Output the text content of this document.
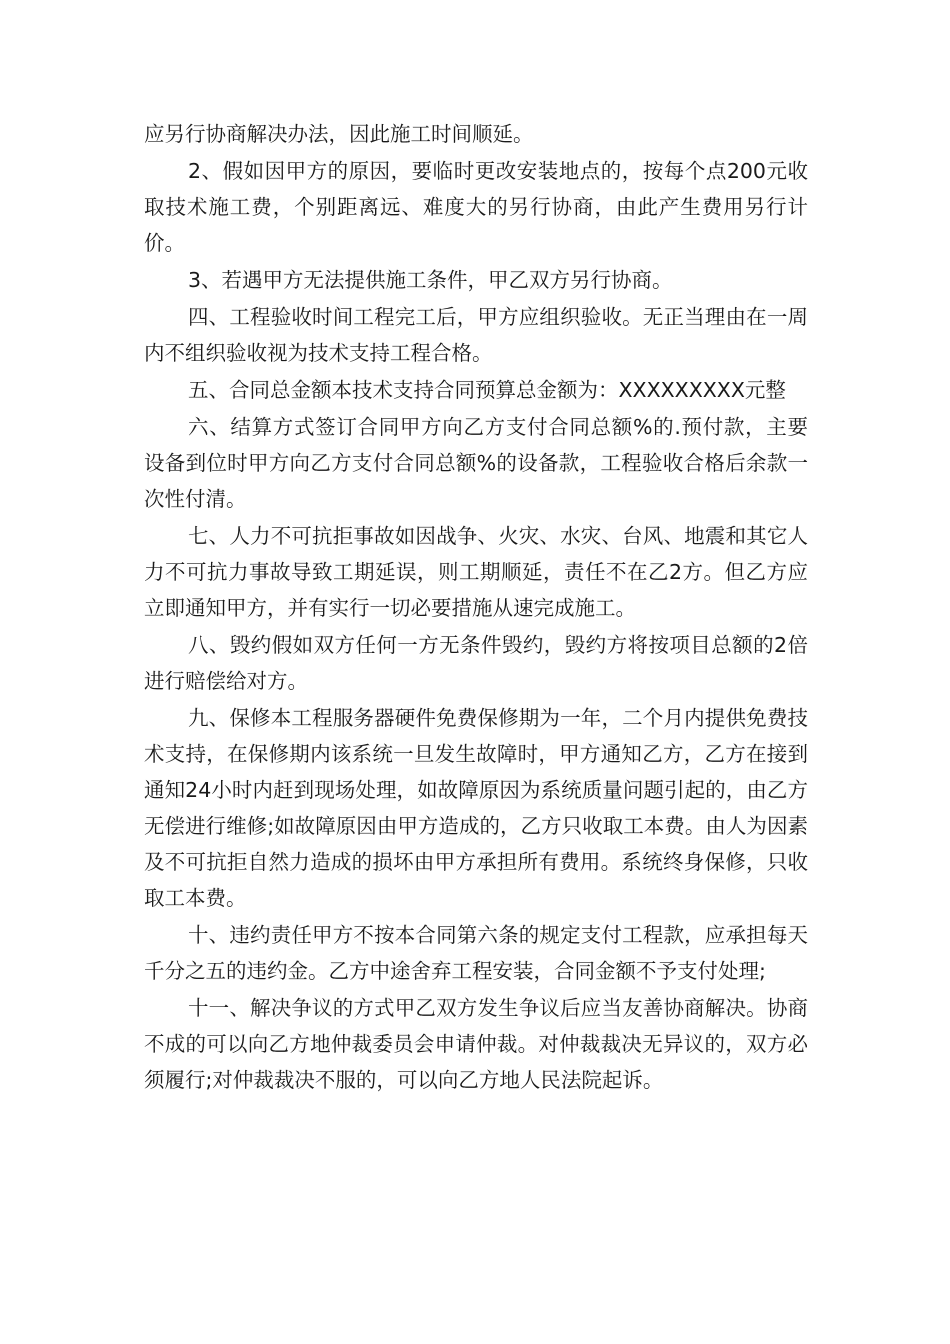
应另行协商解决办法，因此施工时间顺延。

2、假如因甲方的原因，要临时更改安装地点的，按每个点200元收取技术施工费，个别距离远、难度大的另行协商，由此产生费用另行计价。

3、若遇甲方无法提供施工条件，甲乙双方另行协商。

四、工程验收时间工程完工后，甲方应组织验收。无正当理由在一周内不组织验收视为技术支持工程合格。

五、合同总金额本技术支持合同预算总金额为：XXXXXXXXX元整

六、结算方式签订合同甲方向乙方支付合同总额%的.预付款，主要设备到位时甲方向乙方支付合同总额%的设备款，工程验收合格后余款一次性付清。

七、人力不可抗拒事故如因战争、火灾、水灾、台风、地震和其它人力不可抗力事故导致工期延误，则工期顺延，责任不在乙2方。但乙方应立即通知甲方，并有实行一切必要措施从速完成施工。

八、毁约假如双方任何一方无条件毁约，毁约方将按项目总额的2倍进行赔偿给对方。

九、保修本工程服务器硬件免费保修期为一年，二个月内提供免费技术支持，在保修期内该系统一旦发生故障时，甲方通知乙方，乙方在接到通知24小时内赶到现场处理，如故障原因为系统质量问题引起的，由乙方无偿进行维修;如故障原因由甲方造成的，乙方只收取工本费。由人为因素及不可抗拒自然力造成的损坏由甲方承担所有费用。系统终身保修，只收取工本费。

十、违约责任甲方不按本合同第六条的规定支付工程款，应承担每天千分之五的违约金。乙方中途舍弃工程安装，合同金额不予支付处理;

十一、解决争议的方式甲乙双方发生争议后应当友善协商解决。协商不成的可以向乙方地仲裁委员会申请仲裁。对仲裁裁决无异议的，双方必须履行;对仲裁裁决不服的，可以向乙方地人民法院起诉。
